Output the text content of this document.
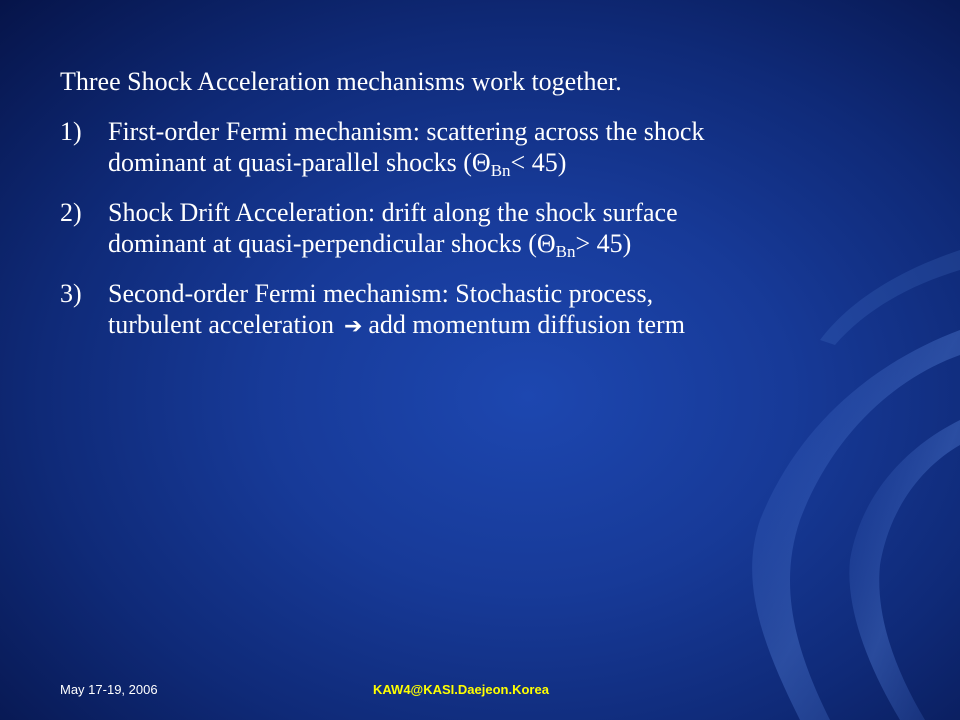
Three Shock Acceleration mechanisms work together.

1) First-order Fermi mechanism: scattering across the shock
dominant at quasi-parallel shocks $(\Theta_{Bn}< 45)$
2) Shock Drift Acceleration: drift along the shock surface
dominant at quasi-perpendicular shocks $(\Theta_{Bn}> 45)$
3) Second-order Fermi mechanism: Stochastic process,
turbulent acceleration ➔ add momentum diffusion term
May 17-19, 2006	KAW4@KASI.Daejeon.Korea
